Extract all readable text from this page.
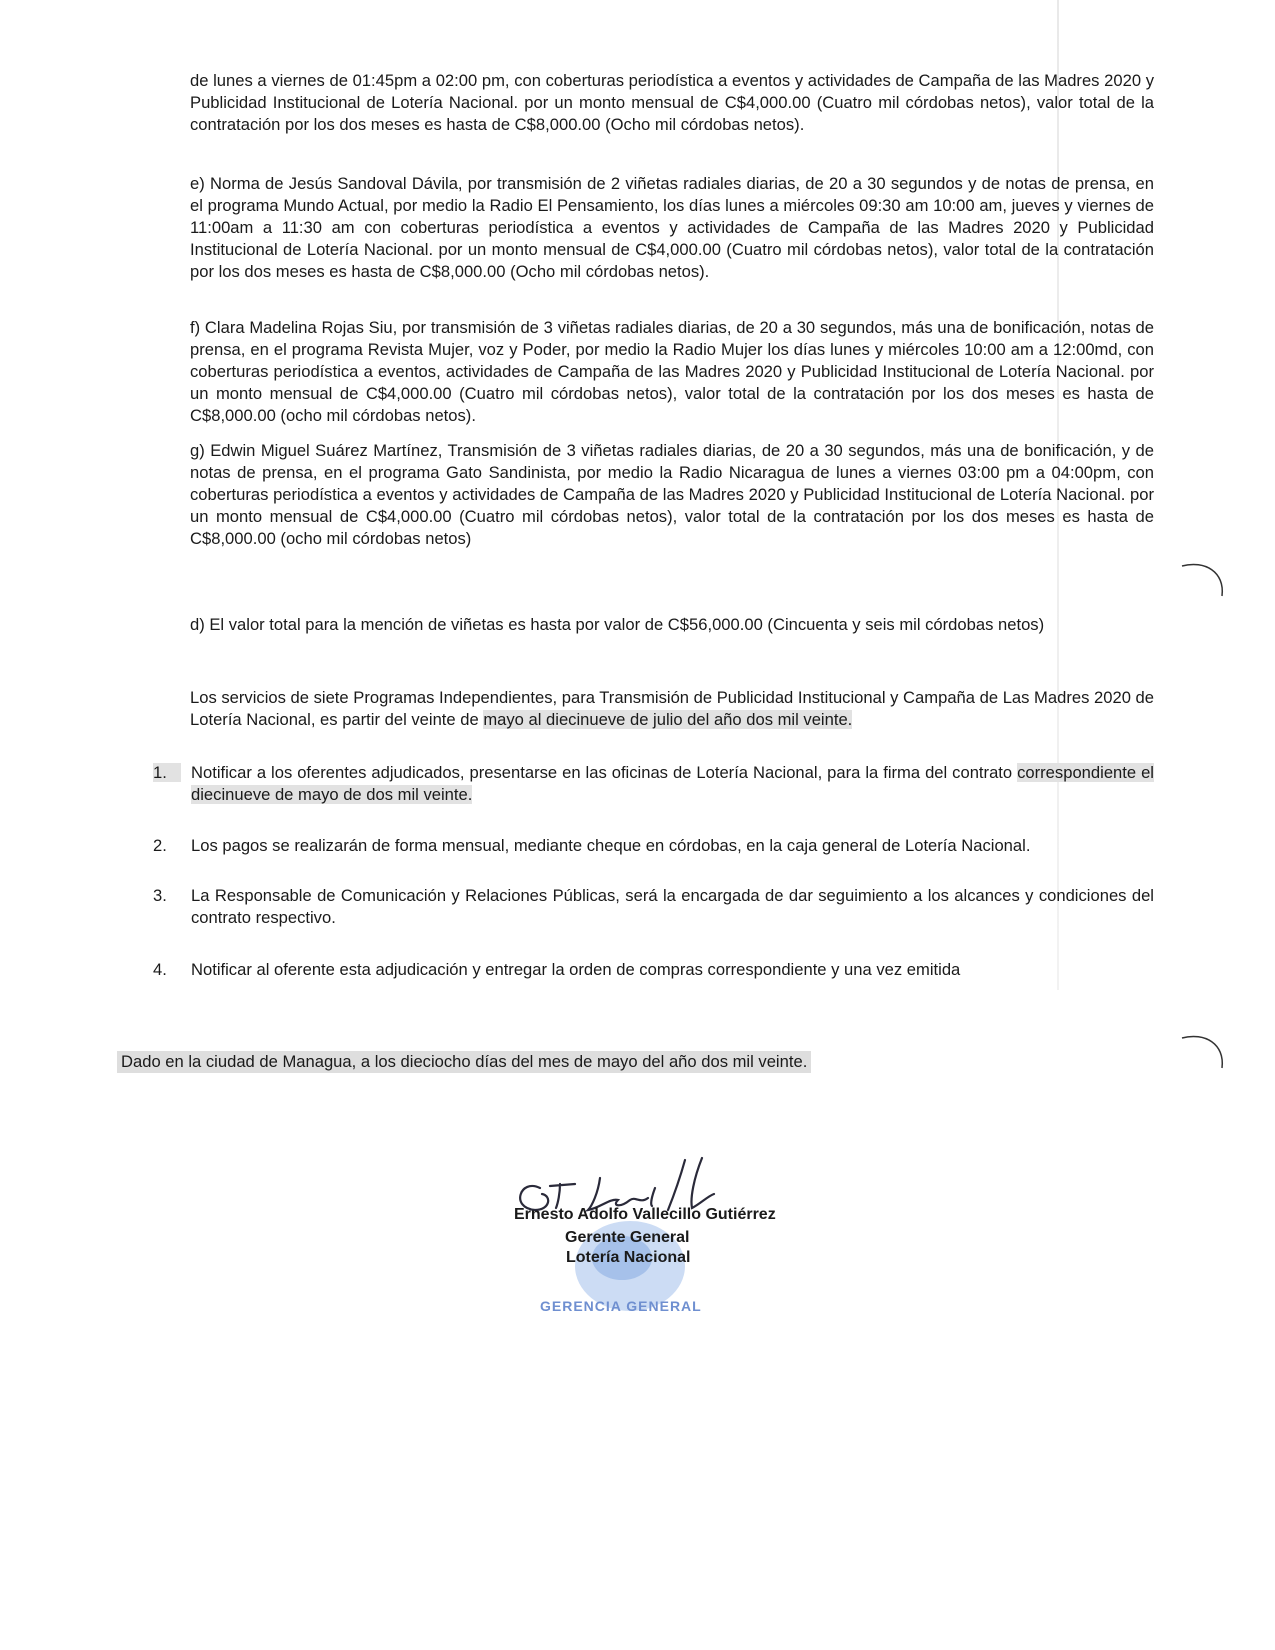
de lunes a viernes de 01:45pm a 02:00 pm, con coberturas periodística a eventos y actividades de Campaña de las Madres 2020 y Publicidad Institucional de Lotería Nacional. por un monto mensual de C$4,000.00 (Cuatro mil córdobas netos), valor total de la contratación por los dos meses es hasta de C$8,000.00 (Ocho mil córdobas netos).

e) Norma de Jesús Sandoval Dávila, por transmisión de 2 viñetas radiales diarias, de 20 a 30 segundos y de notas de prensa, en el programa Mundo Actual, por medio la Radio El Pensamiento, los días lunes a miércoles 09:30 am 10:00 am, jueves y viernes de 11:00am a 11:30 am con coberturas periodística a eventos y actividades de Campaña de las Madres 2020 y Publicidad Institucional de Lotería Nacional. por un monto mensual de C$4,000.00 (Cuatro mil córdobas netos), valor total de la contratación por los dos meses es hasta de C$8,000.00 (Ocho mil córdobas netos).

f) Clara Madelina Rojas Siu, por transmisión de 3 viñetas radiales diarias, de 20 a 30 segundos, más una de bonificación, notas de prensa, en el programa Revista Mujer, voz y Poder, por medio la Radio Mujer los días lunes y miércoles 10:00 am a 12:00md, con coberturas periodística a eventos, actividades de Campaña de las Madres 2020 y Publicidad Institucional de Lotería Nacional. por un monto mensual de C$4,000.00 (Cuatro mil córdobas netos), valor total de la contratación por los dos meses es hasta de C$8,000.00 (ocho mil córdobas netos).

g) Edwin Miguel Suárez Martínez, Transmisión de 3 viñetas radiales diarias, de 20 a 30 segundos, más una de bonificación, y de notas de prensa, en el programa Gato Sandinista, por medio la Radio Nicaragua de lunes a viernes 03:00 pm a 04:00pm, con coberturas periodística a eventos y actividades de Campaña de las Madres 2020 y Publicidad Institucional de Lotería Nacional. por un monto mensual de C$4,000.00 (Cuatro mil córdobas netos), valor total de la contratación por los dos meses es hasta de C$8,000.00 (ocho mil córdobas netos)

d) El valor total para la mención de viñetas es hasta por valor de C$56,000.00 (Cincuenta y seis mil córdobas netos)

Los servicios de siete Programas Independientes, para Transmisión de Publicidad Institucional y Campaña de Las Madres 2020 de Lotería Nacional, es partir del veinte de mayo al diecinueve de julio del año dos mil veinte.

1.	Notificar a los oferentes adjudicados, presentarse en las oficinas de Lotería Nacional, para la firma del contrato correspondiente el diecinueve de mayo de dos mil veinte.
2.	Los pagos se realizarán de forma mensual, mediante cheque en córdobas, en la caja general de Lotería Nacional.
3.	La Responsable de Comunicación y Relaciones Públicas, será la encargada de dar seguimiento a los alcances y condiciones del contrato respectivo.
4.	Notificar al oferente esta adjudicación y entregar la orden de compras correspondiente y una vez emitida
Dado en la ciudad de Managua, a los dieciocho días del mes de mayo del año dos mil veinte.
Ernesto Adolfo Vallecillo Gutiérrez
Gerente General
Lotería Nacional
GERENCIA GENERAL
